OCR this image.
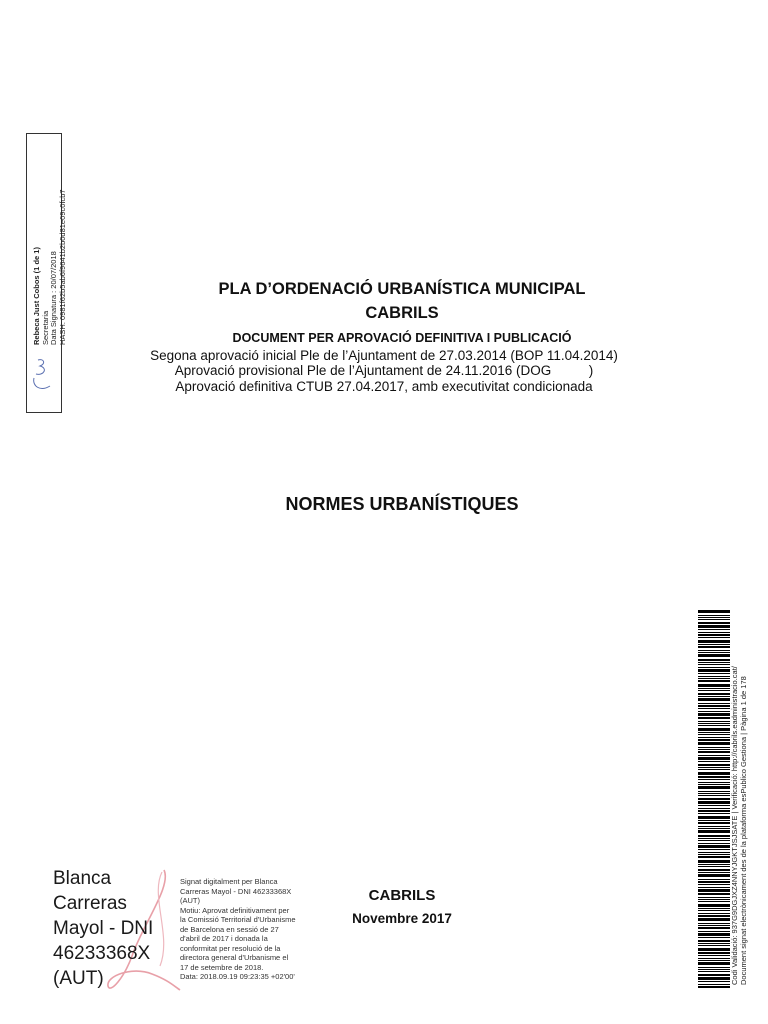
Rebeca Just Cobos (1 de 1) Secretaria Data Signatura : 20/07/2018 HASH: 0981f62b5ab6f9641b2b0d81e09c0fcb7	PLA D’ORDENACIÓ URBANÍSTICA MUNICIPAL
CABRILS
DOCUMENT PER APROVACIÓ DEFINITIVA I PUBLICACIÓ
Segona aprovació inicial Ple de l’Ajuntament de 27.03.2014 (BOP 11.04.2014)
Aprovació provisional Ple de l’Ajuntament de 24.11.2016 (DOG          )
Aprovació definitiva CTUB 27.04.2017, amb executivitat condicionada
NORMES URBANÍSTIQUES
Blanca
Carreras
Mayol - DNI
46233368X
(AUT)
Signat digitalment per Blanca
Carreras Mayol - DNI 46233368X
(AUT)
Motiu: Aprovat definitivament per
la Comissió Territorial d'Urbanisme
de Barcelona en sessió de 27
d'abril de 2017 i donada la
conformitat per resolució de la
directora general d'Urbanisme el
17 de setembre de 2018.
Data: 2018.09.19 09:23:35 +02'00'
CABRILS
Novembre 2017	Codi Validació: 937G9DGJXZ4NNYJGKTJSJSATE | Verificació: http://cabrils.eadministracio.cat/ Document signat electrònicament des de la plataforma esPublico Gestiona | Pàgina 1 de 178
